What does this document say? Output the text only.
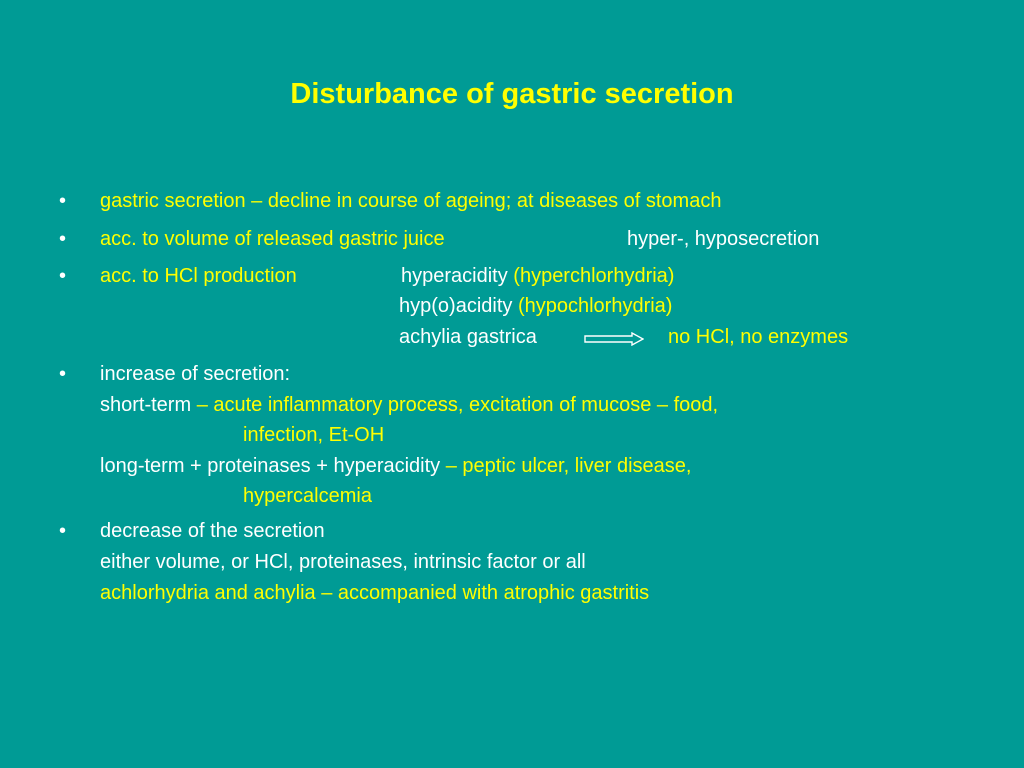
Disturbance of gastric secretion
• gastric secretion – decline in course of ageing; at diseases of stomach
• acc. to volume of released gastric juice	hyper-, hyposecretion
• acc. to HCl production	hyperacidity (hyperchlorhydria)
hyp(o)acidity (hypochlorhydria)
achylia gastrica	no HCl, no enzymes
• increase of secretion:
short-term – acute inflammatory process, excitation of mucose – food,
infection, Et-OH
long-term + proteinases + hyperacidity – peptic ulcer, liver disease,
hypercalcemia
• decrease of the secretion
either volume, or HCl, proteinases, intrinsic factor or all
achlorhydria and achylia – accompanied with atrophic gastritis
